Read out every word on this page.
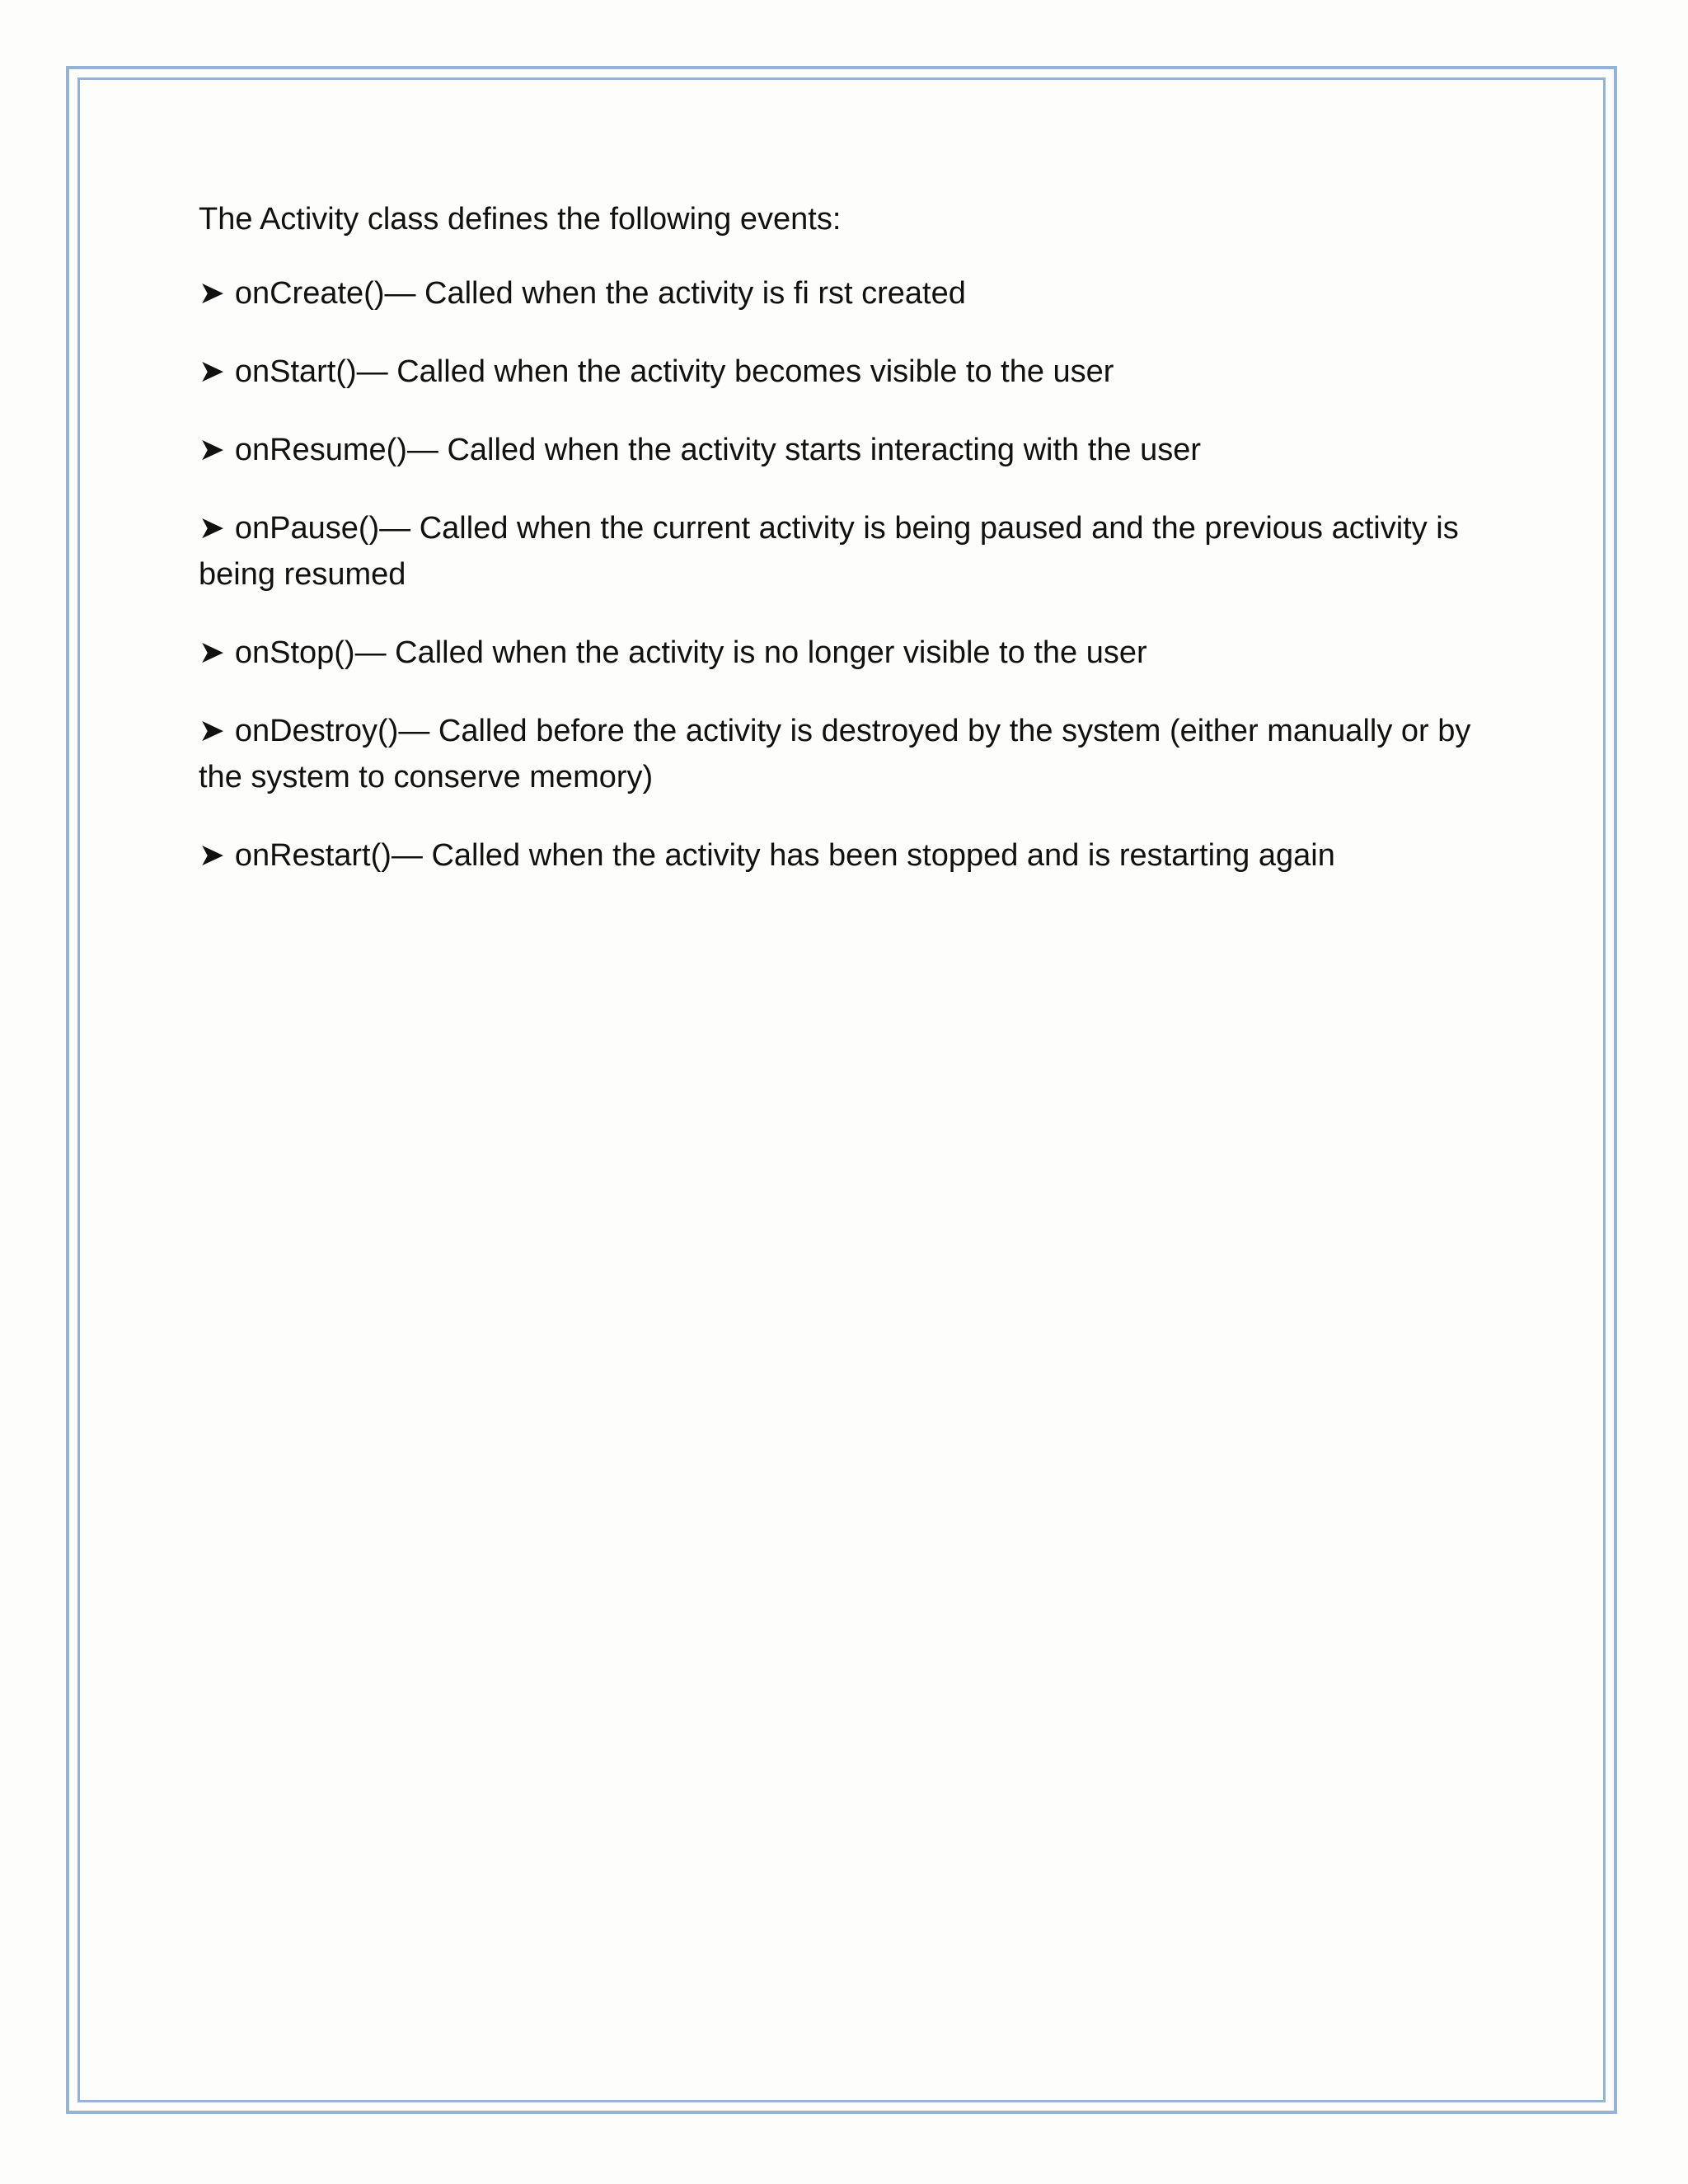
The Activity class defines the following events:

➤ onCreate()— Called when the activity is fi rst created
➤ onStart()— Called when the activity becomes visible to the user
➤ onResume()— Called when the activity starts interacting with the user
➤ onPause()— Called when the current activity is being paused and the previous activity is being resumed
➤ onStop()— Called when the activity is no longer visible to the user
➤ onDestroy()— Called before the activity is destroyed by the system (either manually or by the system to conserve memory)
➤ onRestart()— Called when the activity has been stopped and is restarting again
